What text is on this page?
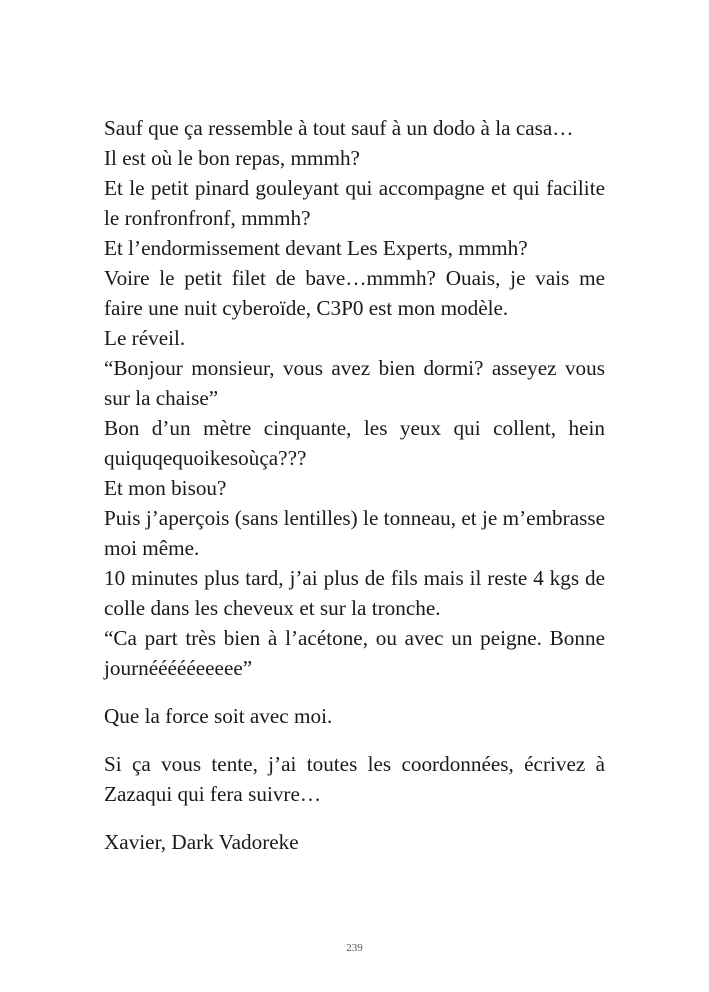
Sauf que ça ressemble à tout sauf à un dodo à la casa…

Il est où le bon repas, mmmh?

Et le petit pinard gouleyant qui accompagne et qui facilite le ronfronfronf, mmmh?

Et l’endormissement devant Les Experts, mmmh?

Voire le petit filet de bave…mmmh? Ouais, je vais me faire une nuit cyberoïde, C3P0 est mon modèle.

Le réveil.

“Bonjour monsieur, vous avez bien dormi? asseyez vous sur la chaise”

Bon d’un mètre cinquante, les yeux qui collent, hein quiquqequoikesoùça???

Et mon bisou?

Puis j’aperçois (sans lentilles) le tonneau, et je m’embrasse moi même.

10 minutes plus tard, j’ai plus de fils mais il reste 4 kgs de colle dans les cheveux et sur la tronche.

“Ca part très bien à l’acétone, ou avec un peigne. Bonne journéééééeeeee”

Que la force soit avec moi.

Si ça vous tente, j’ai toutes les coordonnées, écrivez à Zazaqui qui fera suivre…

Xavier, Dark Vadoreke

239
